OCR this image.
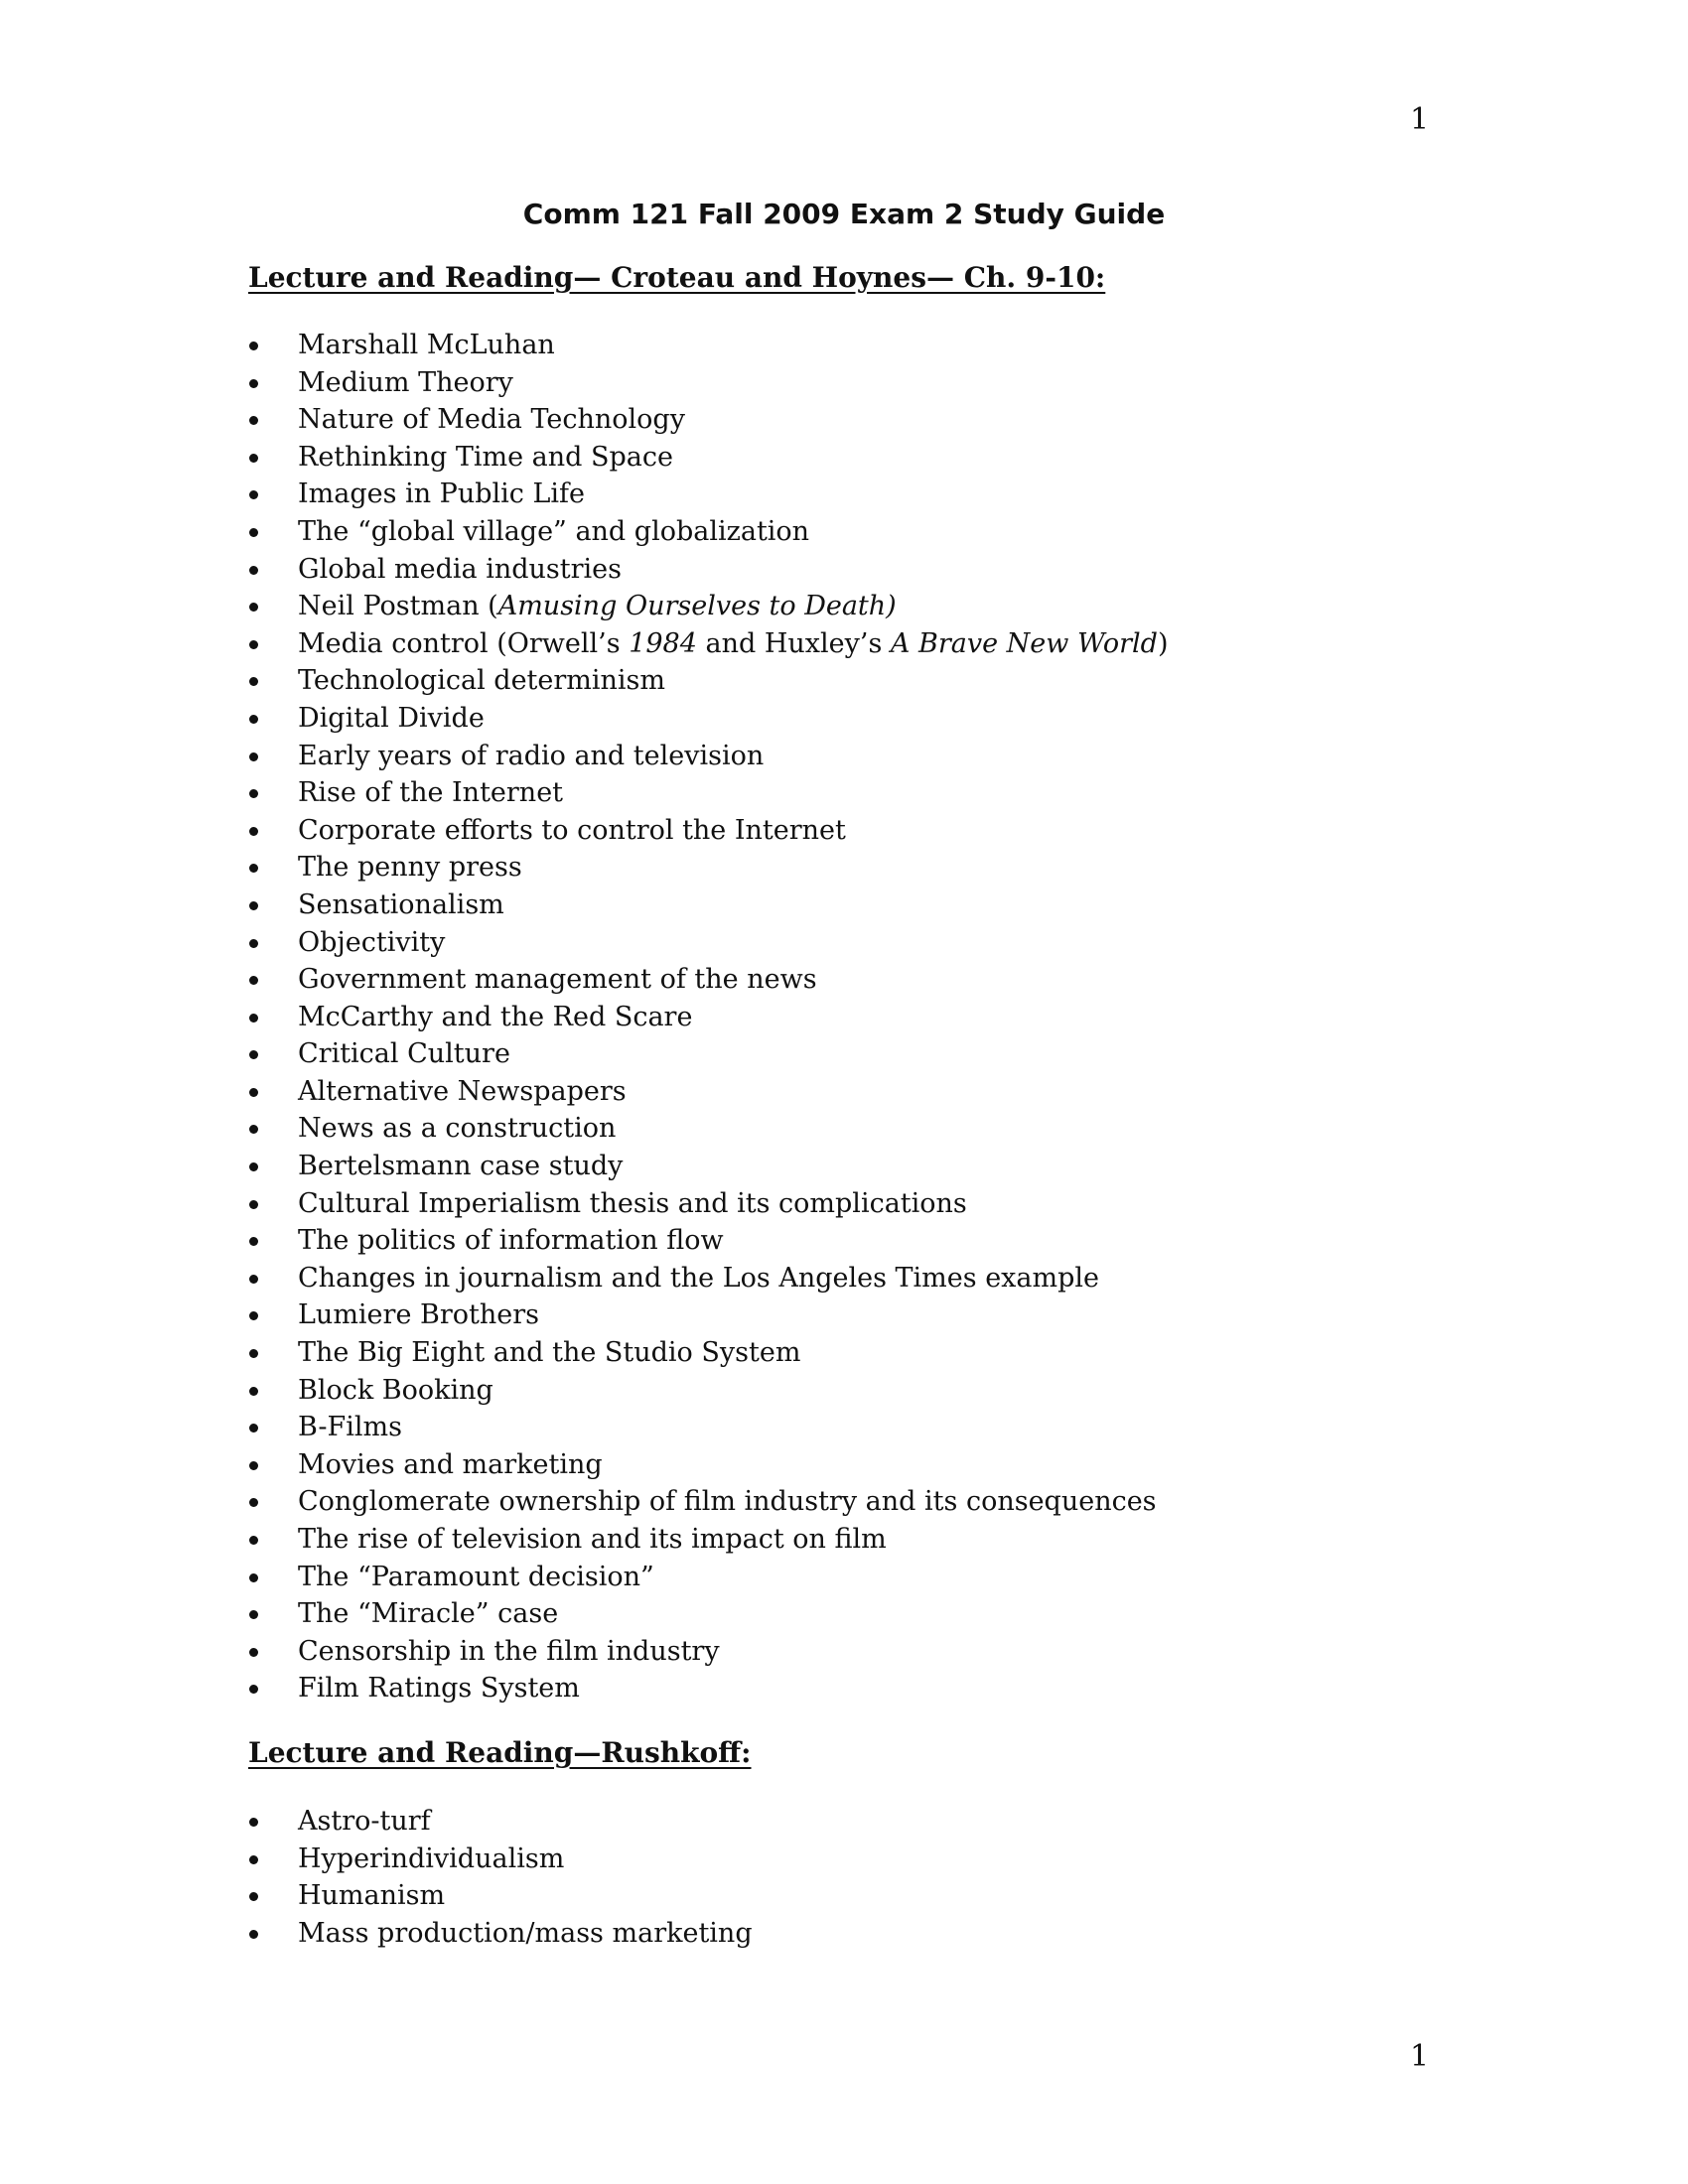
1
Comm 121 Fall 2009 Exam 2 Study Guide
Lecture and Reading— Croteau and Hoynes— Ch. 9-10:
Marshall McLuhan
Medium Theory
Nature of Media Technology
Rethinking Time and Space
Images in Public Life
The “global village” and globalization
Global media industries
Neil Postman (Amusing Ourselves to Death)
Media control (Orwell’s 1984 and Huxley’s A Brave New World)
Technological determinism
Digital Divide
Early years of radio and television
Rise of the Internet
Corporate efforts to control the Internet
The penny press
Sensationalism
Objectivity
Government management of the news
McCarthy and the Red Scare
Critical Culture
Alternative Newspapers
News as a construction
Bertelsmann case study
Cultural Imperialism thesis and its complications
The politics of information flow
Changes in journalism and the Los Angeles Times example
Lumiere Brothers
The Big Eight and the Studio System
Block Booking
B-Films
Movies and marketing
Conglomerate ownership of film industry and its consequences
The rise of television and its impact on film
The “Paramount decision”
The “Miracle” case
Censorship in the film industry
Film Ratings System
Lecture and Reading—Rushkoff:
Astro-turf
Hyperindividualism
Humanism
Mass production/mass marketing
1
